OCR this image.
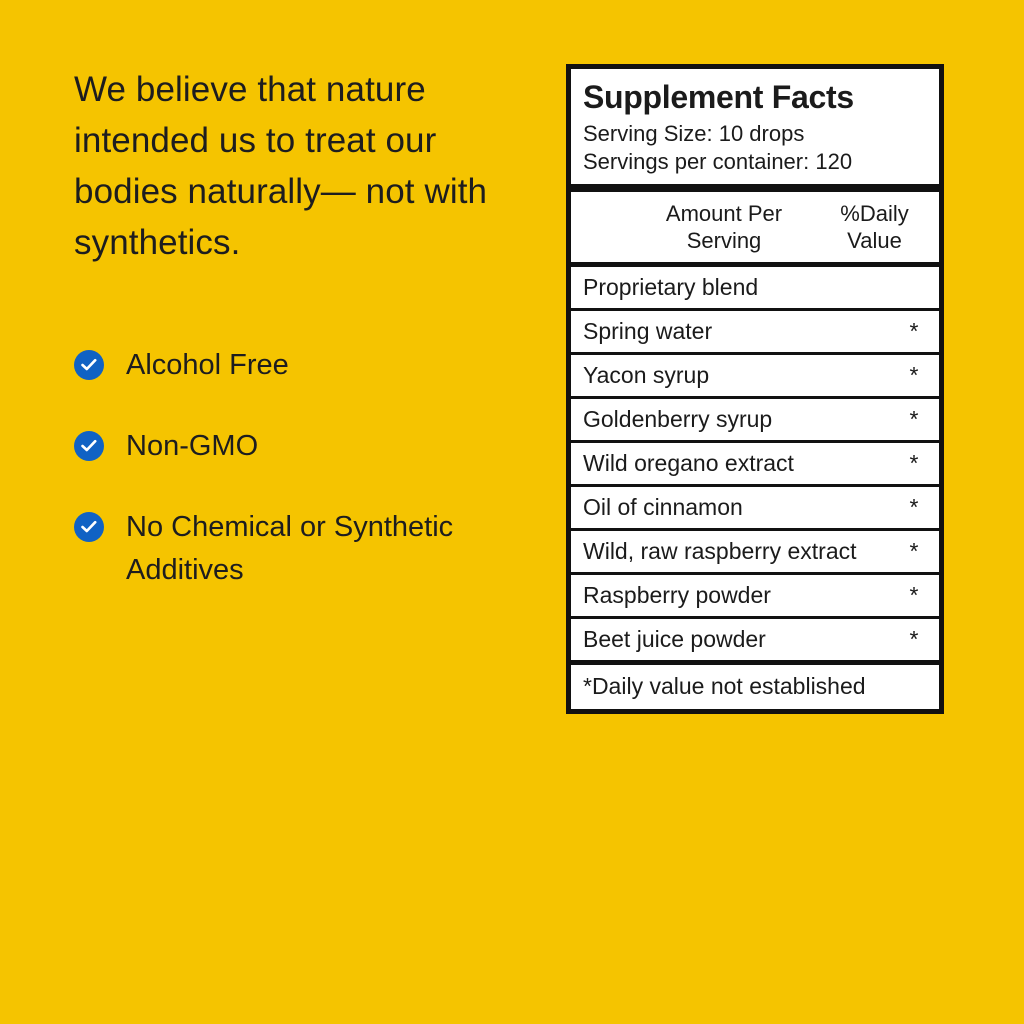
We believe that nature intended us to treat our bodies naturally— not with synthetics.

Alcohol Free
Non-GMO
No Chemical or Synthetic Additives
Supplement Facts
Serving Size: 10 drops
Servings per container: 120
Amount Per Serving
%Daily Value
Proprietary blend
Spring water	*
Yacon syrup	*
Goldenberry syrup	*
Wild oregano extract	*
Oil of cinnamon	*
Wild, raw raspberry extract	*
Raspberry powder	*
Beet juice powder	*
*Daily value not established
